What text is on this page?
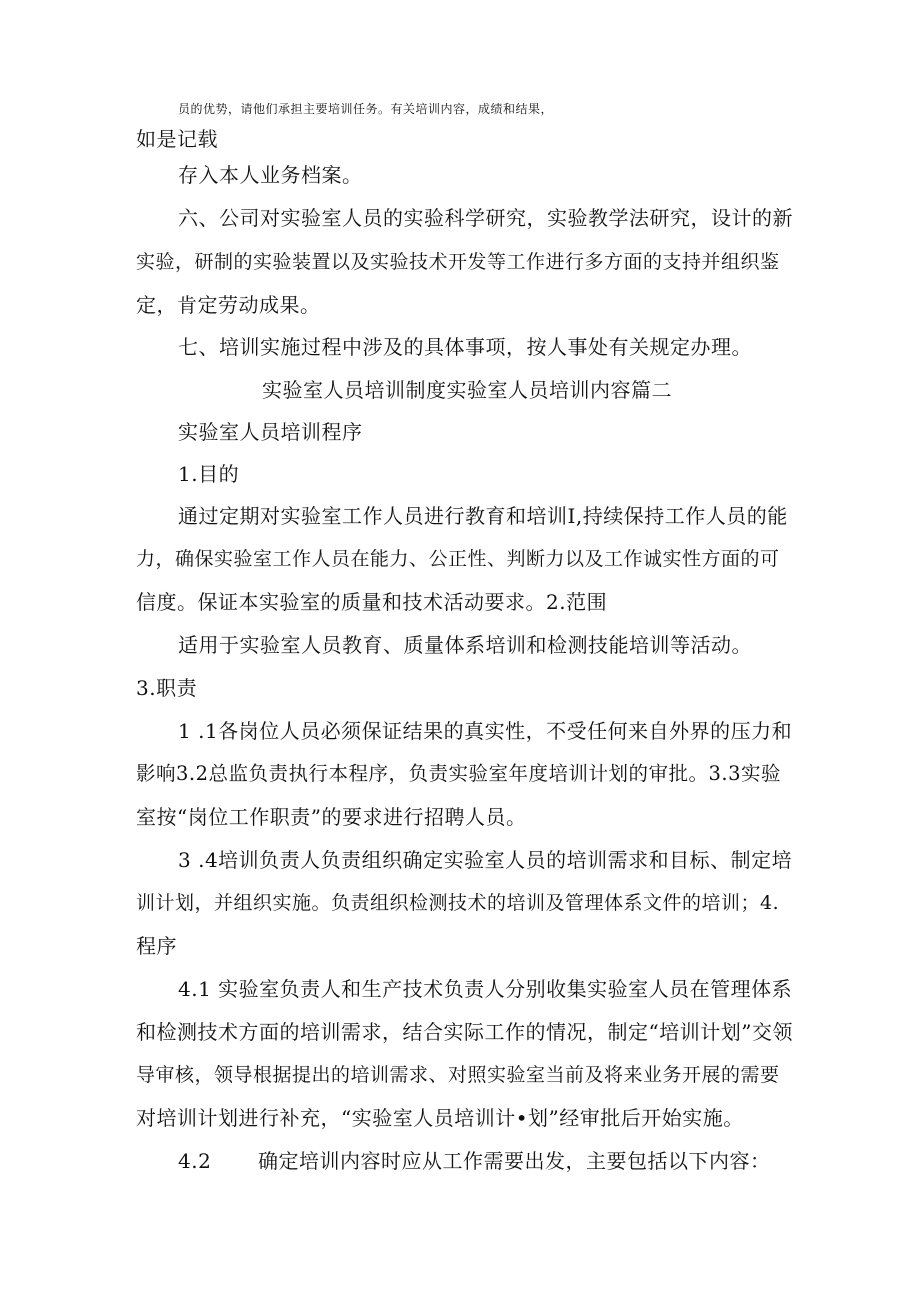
员的优势，请他们承担主要培训任务。有关培训内容，成绩和结果，
如是记载
存入本人业务档案。
六、公司对实验室人员的实验科学研究，实验教学法研究，设计的新
实验，研制的实验装置以及实验技术开发等工作进行多方面的支持并组织鉴
定，肯定劳动成果。
七、培训实施过程中涉及的具体事项，按人事处有关规定办理。
实验室人员培训制度实验室人员培训内容篇二
实验室人员培训程序
1.目的
通过定期对实验室工作人员进行教育和培训I,持续保持工作人员的能
力，确保实验室工作人员在能力、公正性、判断力以及工作诚实性方面的可
信度。保证本实验室的质量和技术活动要求。2.范围
适用于实验室人员教育、质量体系培训和检测技能培训等活动。
3.职责
1 .1各岗位人员必须保证结果的真实性，不受任何来自外界的压力和
影响3.2总监负责执行本程序，负责实验室年度培训计划的审批。3.3实验
室按“岗位工作职责”的要求进行招聘人员。
3 .4培训负责人负责组织确定实验室人员的培训需求和目标、制定培
训计划，并组织实施。负责组织检测技术的培训及管理体系文件的培训；4.
程序
4.1 实验室负责人和生产技术负责人分别收集实验室人员在管理体系
和检测技术方面的培训需求，结合实际工作的情况，制定“培训计划”交领
导审核，领导根据提出的培训需求、对照实验室当前及将来业务开展的需要
对培训计划进行补充，“实验室人员培训计•划”经审批后开始实施。
4.2 确定培训内容时应从工作需要出发，主要包括以下内容：
